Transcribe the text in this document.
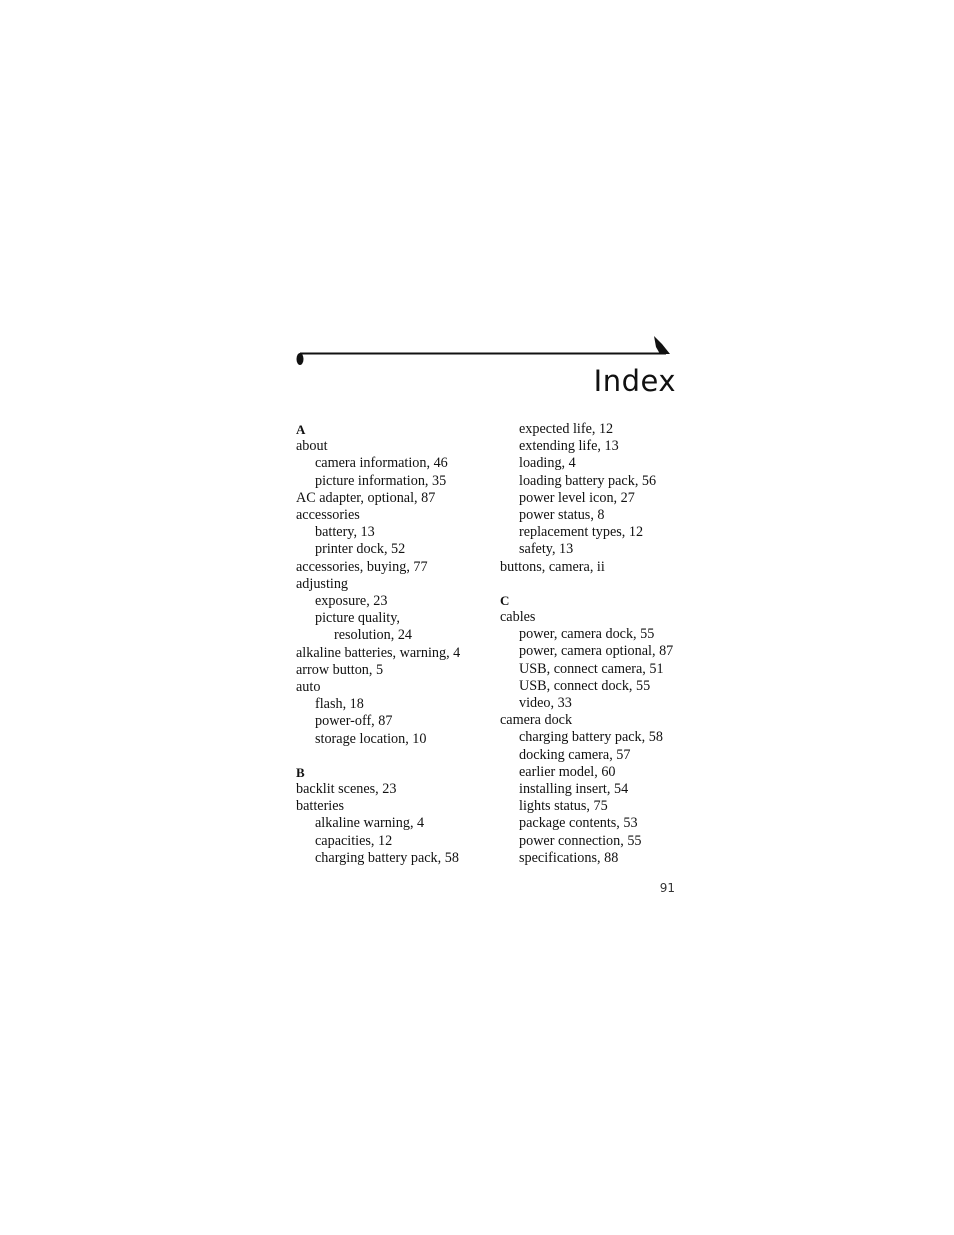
Index
A
about
camera information, 46
picture information, 35
AC adapter, optional, 87
accessories
battery, 13
printer dock, 52
accessories, buying, 77
adjusting
exposure, 23
picture quality,
resolution, 24
alkaline batteries, warning, 4
arrow button, 5
auto
flash, 18
power-off, 87
storage location, 10
B
backlit scenes, 23
batteries
alkaline warning, 4
capacities, 12
charging battery pack, 58
expected life, 12
extending life, 13
loading, 4
loading battery pack, 56
power level icon, 27
power status, 8
replacement types, 12
safety, 13
buttons, camera, ii
C
cables
power, camera dock, 55
power, camera optional, 87
USB, connect camera, 51
USB, connect dock, 55
video, 33
camera dock
charging battery pack, 58
docking camera, 57
earlier model, 60
installing insert, 54
lights status, 75
package contents, 53
power connection, 55
specifications, 88
91
